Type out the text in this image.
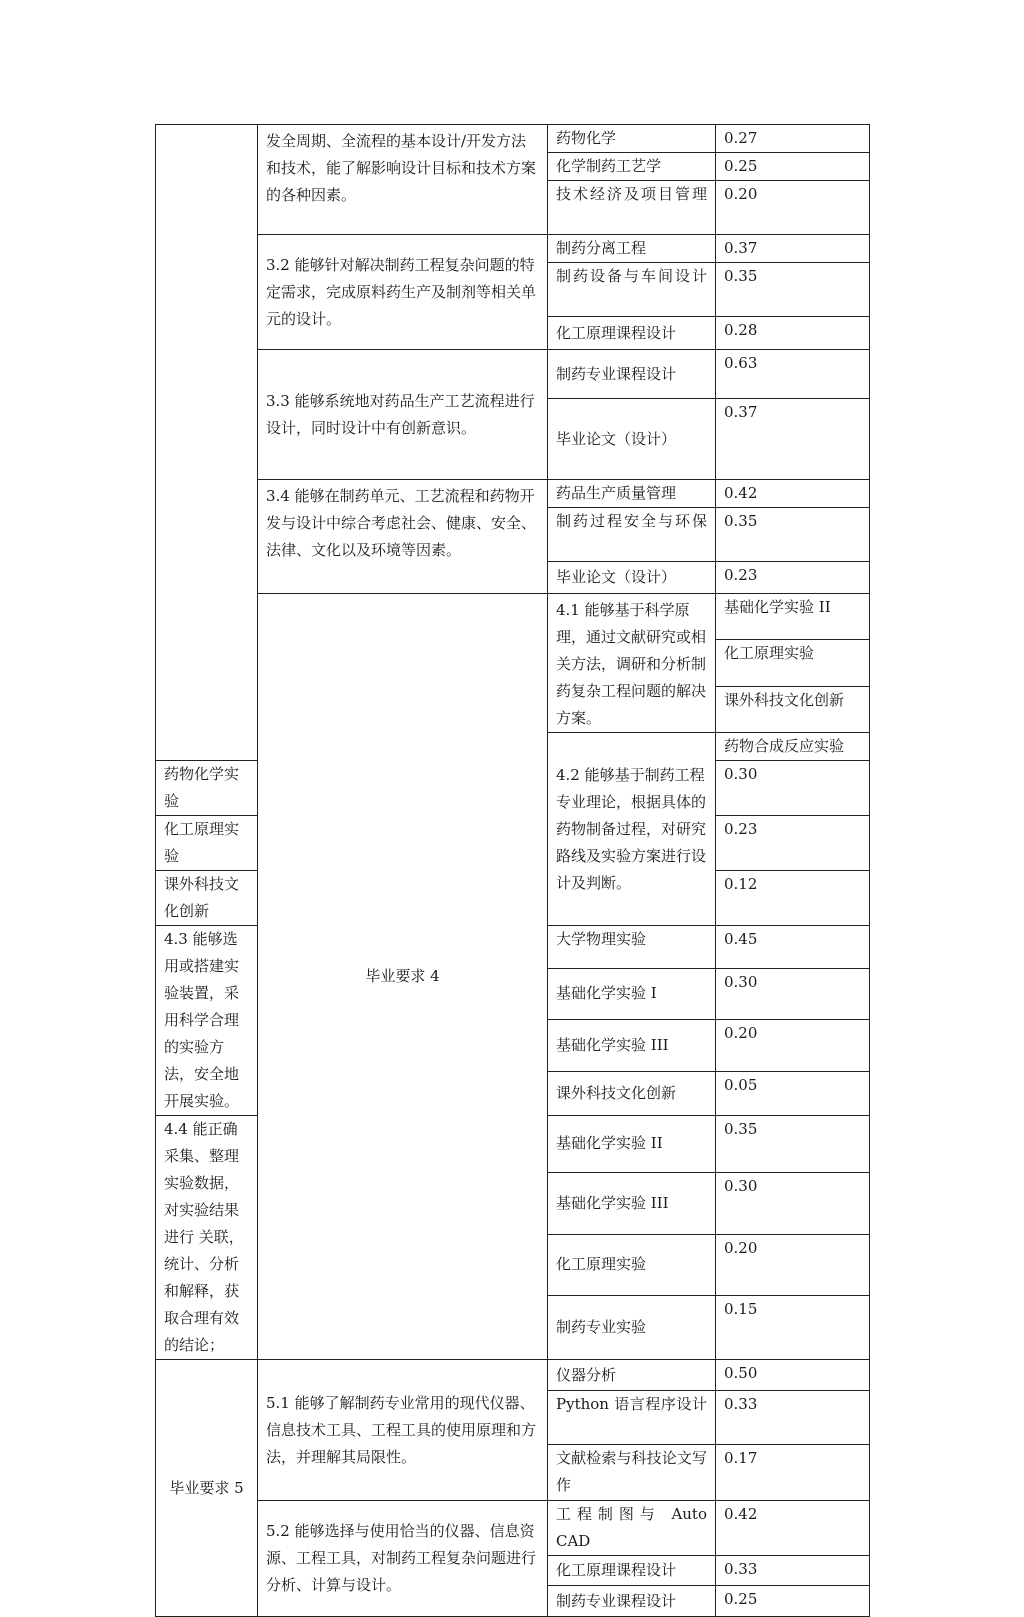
	发全周期、全流程的基本设计/开发方法和技术，能了解影响设计目标和技术方案的各种因素。	药物化学	0.27	
		化学制药工艺学	0.25	
		技术经济及项目管理	0.20	

	3.2 能够针对解决制药工程复杂问题的特定需求，完成原料药生产及制剂等相关单元的设计。	制药分离工程	0.37	
		制药设备与车间设计	0.35	

		化工原理课程设计	0.28	
	3.3 能够系统地对药品生产工艺流程进行设计，同时设计中有创新意识。	制药专业课程设计	0.63	
		毕业论文（设计）	0.37	
	3.4 能够在制药单元、工艺流程和药物开发与设计中综合考虑社会、健康、安全、法律、文化以及环境等因素。	药品生产质量管理	0.42	
		制药过程安全与环保	0.35	

		毕业论文（设计）	0.23	
	毕业要求 4	4.1 能够基于科学原理，通过文献研究或相关方法，调研和分析制药复杂工程问题的解决方案。	基础化学实验 II	
			化工原理实验	
			课外科技文化创新	
		4.2 能够基于制药工程专业理论，根据具体的药物制备过程，对研究路线及实验方案进行设计及判断。	药物合成反应实验	
药物化学实验			0.30	
化工原理实验			0.23	
课外科技文化创新			0.12	
4.3 能够选用或搭建实验装置，采用科学合理的实验方法，安全地开展实验。		大学物理实验	0.45	
		基础化学实验 I	0.30	
		基础化学实验 III	0.20	
		课外科技文化创新	0.05	
4.4 能正确采集、整理实验数据，对实验结果进行 关联，统计、分析和解释，获取合理有效的结论；		基础化学实验 II	0.35	
		基础化学实验 III	0.30	
		化工原理实验	0.20	
		制药专业实验	0.15	
毕业要求 5	5.1 能够了解制药专业常用的现代仪器、信息技术工具、工程工具的使用原理和方法，并理解其局限性。	仪器分析	0.50	
		Python 语言程序设计	0.33	

		文献检索与科技论文写作	0.17	

	5.2 能够选择与使用恰当的仪器、信息资源、工程工具，对制药工程复杂问题进行分析、计算与设计。	工程制图与 Auto CAD	0.42	

		化工原理课程设计	0.33	
		制药专业课程设计	0.25	
